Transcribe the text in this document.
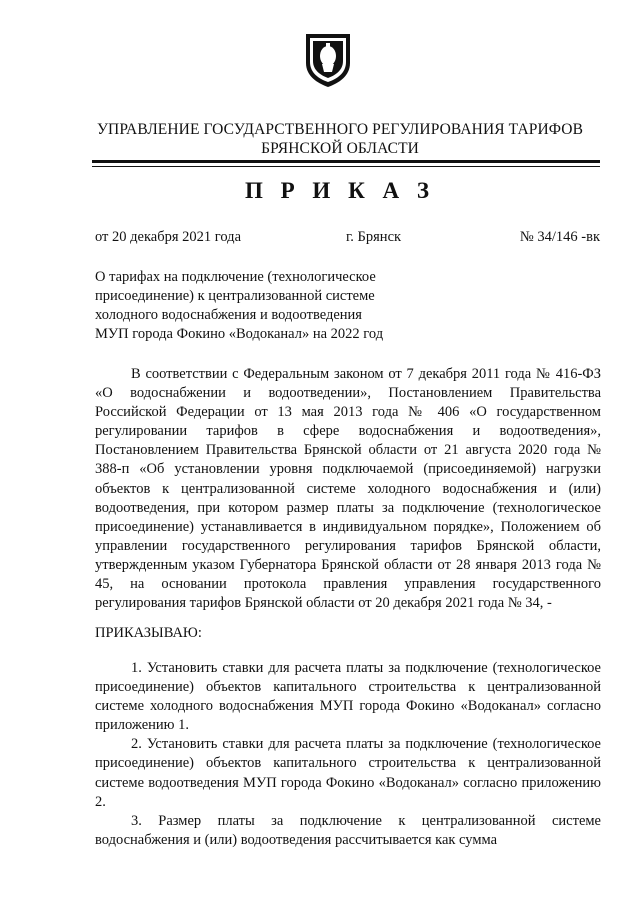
УПРАВЛЕНИЕ ГОСУДАРСТВЕННОГО РЕГУЛИРОВАНИЯ ТАРИФОВ

БРЯНСКОЙ ОБЛАСТИ

П Р И К А З
от 20 декабря 2021 года	г. Брянск	№ 34/146 -вк

О тарифах на подключение (технологическое
присоединение) к централизованной системе
холодного водоснабжения и водоотведения
МУП города Фокино «Водоканал» на 2022 год

В соответствии с Федеральным законом от 7 декабря 2011 года № 416-ФЗ «О водоснабжении и водоотведении», Постановлением Правительства Российской Федерации от 13 мая 2013 года № 406 «О государственном регулировании тарифов в сфере водоснабжения и водоотведения», Постановлением Правительства Брянской области от 21 августа 2020 года № 388-п «Об установлении уровня подключаемой (присоединяемой) нагрузки объектов к централизованной системе холодного водоснабжения и (или) водоотведения, при котором размер платы за подключение (технологическое присоединение) устанавливается в индивидуальном порядке», Положением об управлении государственного регулирования тарифов Брянской области, утвержденным указом Губернатора Брянской области от 28 января 2013 года № 45, на основании протокола правления управления государственного регулирования тарифов Брянской области от 20 декабря 2021 года № 34, -

ПРИКАЗЫВАЮ:

1. Установить ставки для расчета платы за подключение (технологическое присоединение) объектов капитального строительства к централизованной системе холодного водоснабжения МУП города Фокино «Водоканал» согласно приложению 1.

2. Установить ставки для расчета платы за подключение (технологическое присоединение) объектов капитального строительства к централизованной системе водоотведения МУП города Фокино «Водоканал» согласно приложению 2.

3. Размер платы за подключение к централизованной системе водоснабжения и (или) водоотведения рассчитывается как сумма
